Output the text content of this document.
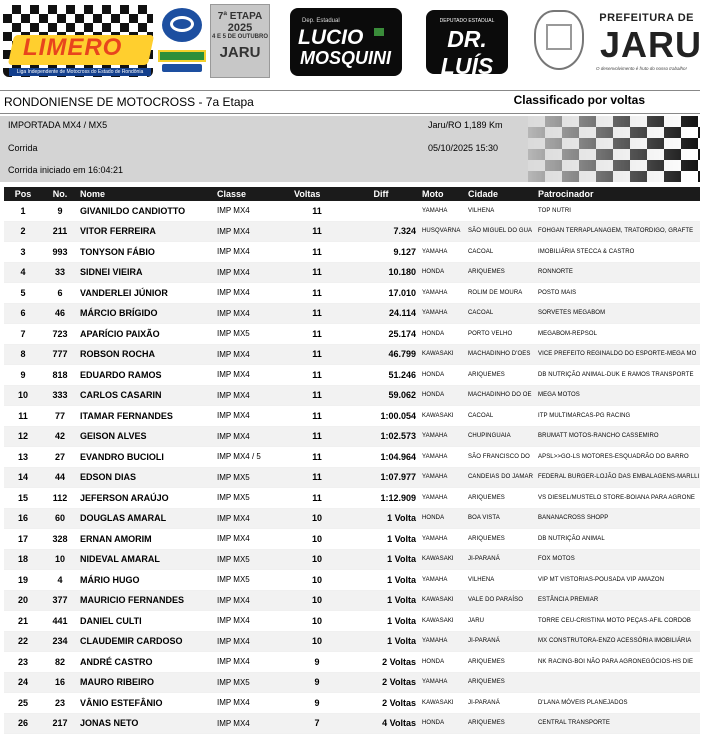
LIMERO
Liga Independente de Motocross do Estado de Rondônia
7ª ETAPA
2025
4 E 5 DE OUTUBRO
JARU
Dep. Estadual
LUCIO
MOSQUINI
DEPUTADO ESTADUAL
DR. LUÍS
DO HOSPITAL
PREFEITURA DE
JARU
O desenvolvimento é fruto do nosso trabalho!
RONDONIENSE DE MOTOCROSS - 7a Etapa	Classificado por voltas
IMPORTADA MX4 / MX5
Corrida
Corrida iniciado em 16:04:21
Jaru/RO 1,189 Km
05/10/2025 15:30
Pos	No.	Nome	Classe	Voltas	Diff	Moto	Cidade	Patrocinador
1	9	GIVANILDO CANDIOTTO	IMP MX4	11		YAMAHA	VILHENA	TOP NUTRI
2	211	VITOR FERREIRA	IMP MX4	11	7.324	HUSQVARNA	SÃO MIGUEL DO GUA	FOHGAN TERRAPLANAGEM, TRATORDIGO, GRAFTE
3	993	TONYSON FÁBIO	IMP MX4	11	9.127	YAMAHA	CACOAL	IMOBILIÁRIA STECCA & CASTRO
4	33	SIDNEI VIEIRA	IMP MX4	11	10.180	HONDA	ARIQUEMES	RONNORTE
5	6	VANDERLEI JÚNIOR	IMP MX4	11	17.010	YAMAHA	ROLIM DE MOURA	POSTO MAIS
6	46	MÁRCIO BRÍGIDO	IMP MX4	11	24.114	YAMAHA	CACOAL	SORVETES MEGABOM
7	723	APARÍCIO PAIXÃO	IMP MX5	11	25.174	HONDA	PORTO VELHO	MEGABOM-REPSOL
8	777	ROBSON ROCHA	IMP MX4	11	46.799	KAWASAKI	MACHADINHO D'OES	VICE PREFEITO REGINALDO DO ESPORTE-MEGA MO
9	818	EDUARDO RAMOS	IMP MX4	11	51.246	HONDA	ARIQUEMES	DB NUTRIÇÃO ANIMAL-DUK E RAMOS TRANSPORTE
10	333	CARLOS CASARIN	IMP MX4	11	59.062	HONDA	MACHADINHO DO OE	MEGA MOTOS
11	77	ITAMAR FERNANDES	IMP MX4	11	1:00.054	KAWASAKI	CACOAL	ITP MULTIMARCAS-PG RACING
12	42	GEISON ALVES	IMP MX4	11	1:02.573	YAMAHA	CHUPINGUAIA	BRUMATT MOTOS-RANCHO CASSEMIRO
13	27	EVANDRO BUCIOLI	IMP MX4 / 5	11	1:04.964	YAMAHA	SÃO FRANCISCO DO	APSL>>GO-LS MOTORES-ESQUADRÃO DO BARRO
14	44	EDSON DIAS	IMP MX5	11	1:07.977	YAMAHA	CANDEIAS DO JAMAR	FEDERAL BURGER-LOJÃO DAS EMBALAGENS-MARLLI
15	112	JEFERSON ARAÚJO	IMP MX5	11	1:12.909	YAMAHA	ARIQUEMES	VS DIESEL/MUSTELO STORE-BOIANA PARA AGRONE
16	60	DOUGLAS AMARAL	IMP MX4	10	1 Volta	HONDA	BOA VISTA	BANANACROSS SHOPP
17	328	ERNAN AMORIM	IMP MX4	10	1 Volta	YAMAHA	ARIQUEMES	DB NUTRIÇÃO ANIMAL
18	10	NIDEVAL AMARAL	IMP MX5	10	1 Volta	KAWASAKI	JI-PARANÁ	FOX MOTOS
19	4	MÁRIO HUGO	IMP MX5	10	1 Volta	YAMAHA	VILHENA	VIP MT VISTORIAS-POUSADA VIP AMAZON
20	377	MAURICIO FERNANDES	IMP MX4	10	1 Volta	KAWASAKI	VALE DO PARAÍSO	ESTÂNCIA PREMIAR
21	441	DANIEL CULTI	IMP MX4	10	1 Volta	KAWASAKI	JARU	TORRE CEU-CRISTINA MOTO PEÇAS-AFIL CORDOB
22	234	CLAUDEMIR CARDOSO	IMP MX4	10	1 Volta	YAMAHA	JI-PARANÁ	MX CONSTRUTORA-ENZO ACESSÓRIA IMOBILIÁRIA
23	82	ANDRÉ CASTRO	IMP MX4	9	2 Voltas	HONDA	ARIQUEMES	NK RACING-BOI NÃO PARA AGRONEGÓCIOS-HS DIE
24	16	MAURO RIBEIRO	IMP MX5	9	2 Voltas	YAMAHA	ARIQUEMES	
25	23	VÂNIO ESTEFÂNIO	IMP MX4	9	2 Voltas	KAWASAKI	JI-PARANÁ	D'LANA MÓVEIS PLANEJADOS
26	217	JONAS NETO	IMP MX4	7	4 Voltas	HONDA	ARIQUEMES	CENTRAL TRANSPORTE
